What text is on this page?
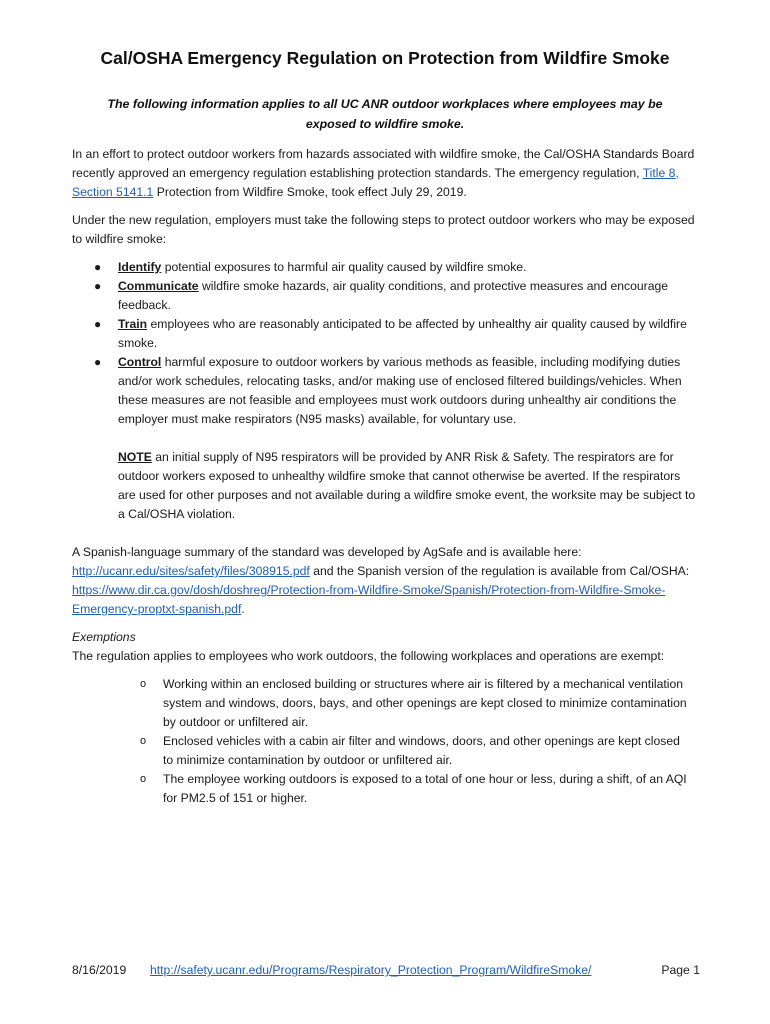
Cal/OSHA Emergency Regulation on Protection from Wildfire Smoke
The following information applies to all UC ANR outdoor workplaces where employees may be exposed to wildfire smoke.
In an effort to protect outdoor workers from hazards associated with wildfire smoke, the Cal/OSHA Standards Board recently approved an emergency regulation establishing protection standards. The emergency regulation, Title 8, Section 5141.1 Protection from Wildfire Smoke, took effect July 29, 2019.
Under the new regulation, employers must take the following steps to protect outdoor workers who may be exposed to wildfire smoke:
● Identify potential exposures to harmful air quality caused by wildfire smoke.
● Communicate wildfire smoke hazards, air quality conditions, and protective measures and encourage feedback.
● Train employees who are reasonably anticipated to be affected by unhealthy air quality caused by wildfire smoke.
● Control harmful exposure to outdoor workers by various methods as feasible, including modifying duties and/or work schedules, relocating tasks, and/or making use of enclosed filtered buildings/vehicles. When these measures are not feasible and employees must work outdoors during unhealthy air conditions the employer must make respirators (N95 masks) available, for voluntary use.
NOTE an initial supply of N95 respirators will be provided by ANR Risk & Safety. The respirators are for outdoor workers exposed to unhealthy wildfire smoke that cannot otherwise be averted. If the respirators are used for other purposes and not available during a wildfire smoke event, the worksite may be subject to a Cal/OSHA violation.
A Spanish-language summary of the standard was developed by AgSafe and is available here: http://ucanr.edu/sites/safety/files/308915.pdf and the Spanish version of the regulation is available from Cal/OSHA: https://www.dir.ca.gov/dosh/doshreg/Protection-from-Wildfire-Smoke/Spanish/Protection-from-Wildfire-Smoke-Emergency-proptxt-spanish.pdf.
Exemptions
The regulation applies to employees who work outdoors, the following workplaces and operations are exempt:
o Working within an enclosed building or structures where air is filtered by a mechanical ventilation system and windows, doors, bays, and other openings are kept closed to minimize contamination by outdoor or unfiltered air.
o Enclosed vehicles with a cabin air filter and windows, doors, and other openings are kept closed to minimize contamination by outdoor or unfiltered air.
o The employee working outdoors is exposed to a total of one hour or less, during a shift, of an AQI for PM2.5 of 151 or higher.
8/16/2019 http://safety.ucanr.edu/Programs/Respiratory_Protection_Program/WildfireSmoke/	Page 1
